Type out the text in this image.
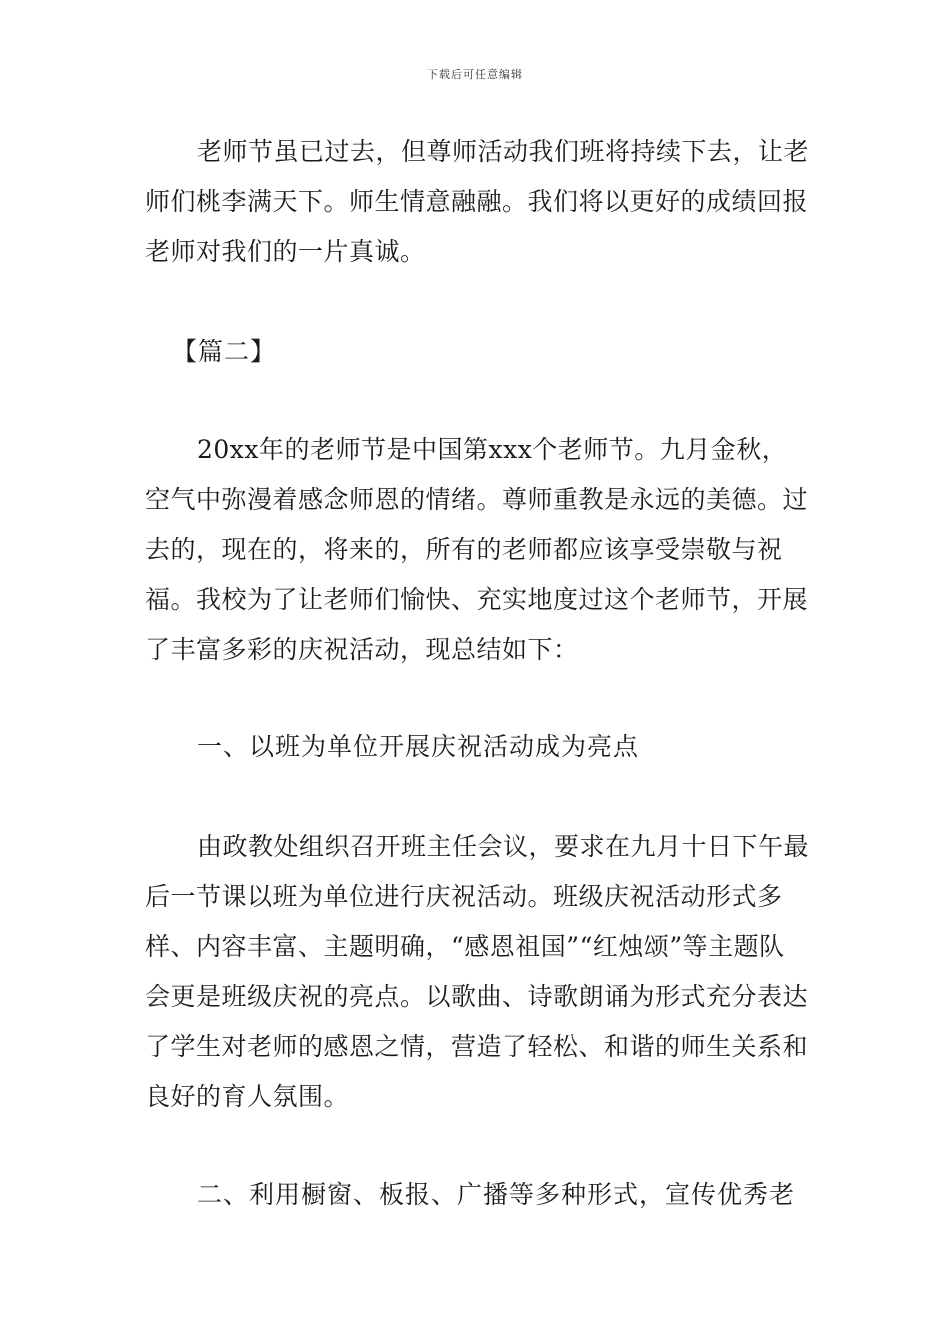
下载后可任意编辑

老师节虽已过去，但尊师活动我们班将持续下去，让老师们桃李满天下。师生情意融融。我们将以更好的成绩回报老师对我们的一片真诚。

【篇二】

20xx年的老师节是中国第xxx个老师节。九月金秋，空气中弥漫着感念师恩的情绪。尊师重教是永远的美德。过去的，现在的，将来的，所有的老师都应该享受崇敬与祝福。我校为了让老师们愉快、充实地度过这个老师节，开展了丰富多彩的庆祝活动，现总结如下：

一、以班为单位开展庆祝活动成为亮点

由政教处组织召开班主任会议，要求在九月十日下午最后一节课以班为单位进行庆祝活动。班级庆祝活动形式多样、内容丰富、主题明确，“感恩祖国”“红烛颂”等主题队会更是班级庆祝的亮点。以歌曲、诗歌朗诵为形式充分表达了学生对老师的感恩之情，营造了轻松、和谐的师生关系和良好的育人氛围。

二、利用橱窗、板报、广播等多种形式，宣传优秀老
